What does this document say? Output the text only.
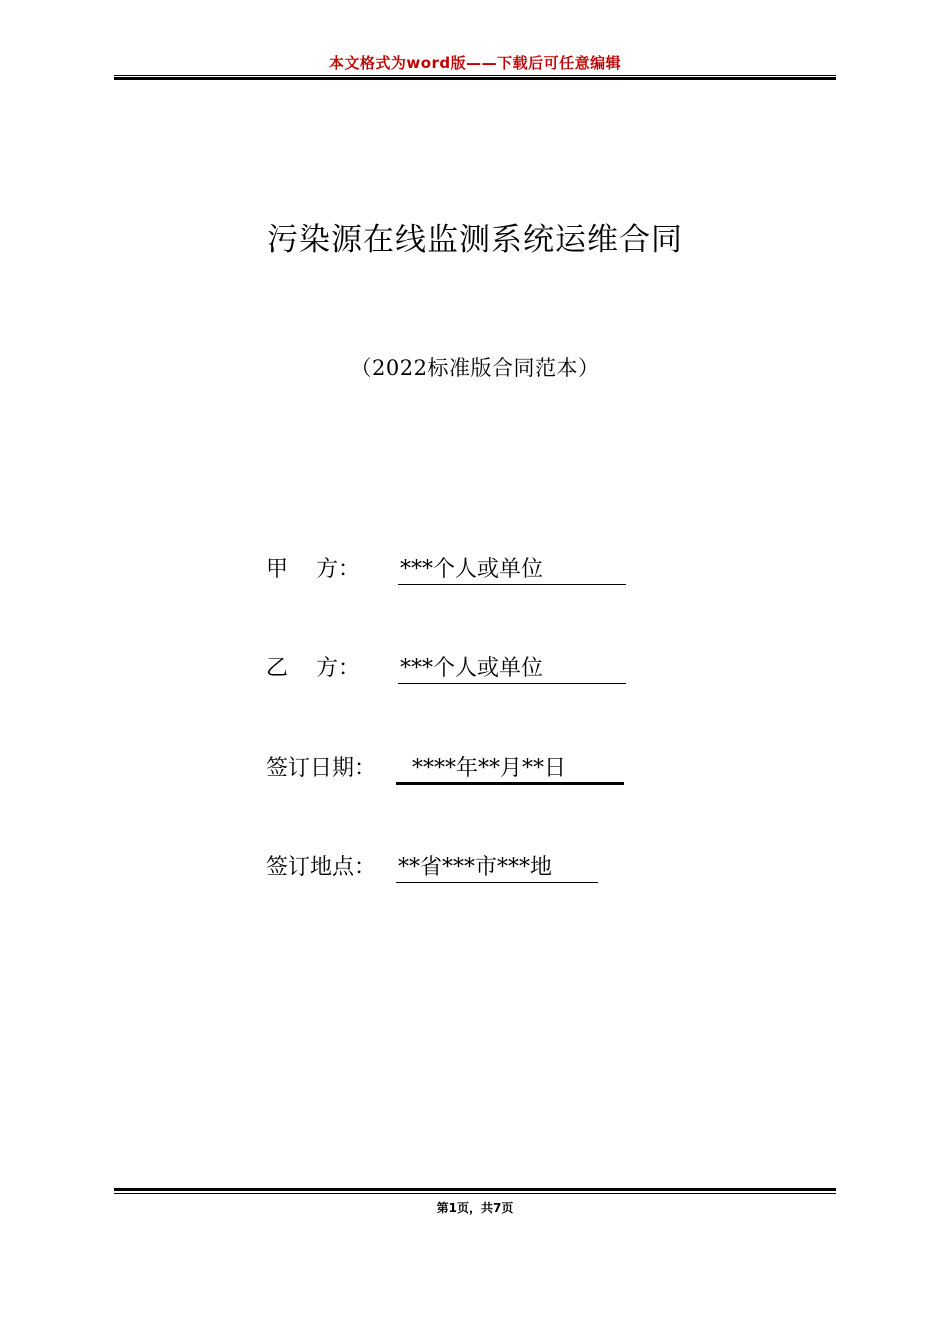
本文格式为word版——下载后可任意编辑
污染源在线监测系统运维合同
（2022标准版合同范本）
甲    方： ***个人或单位
乙    方： ***个人或单位
签订日期： ****年**月**日
签订地点： **省***市***地
第1页，共7页
